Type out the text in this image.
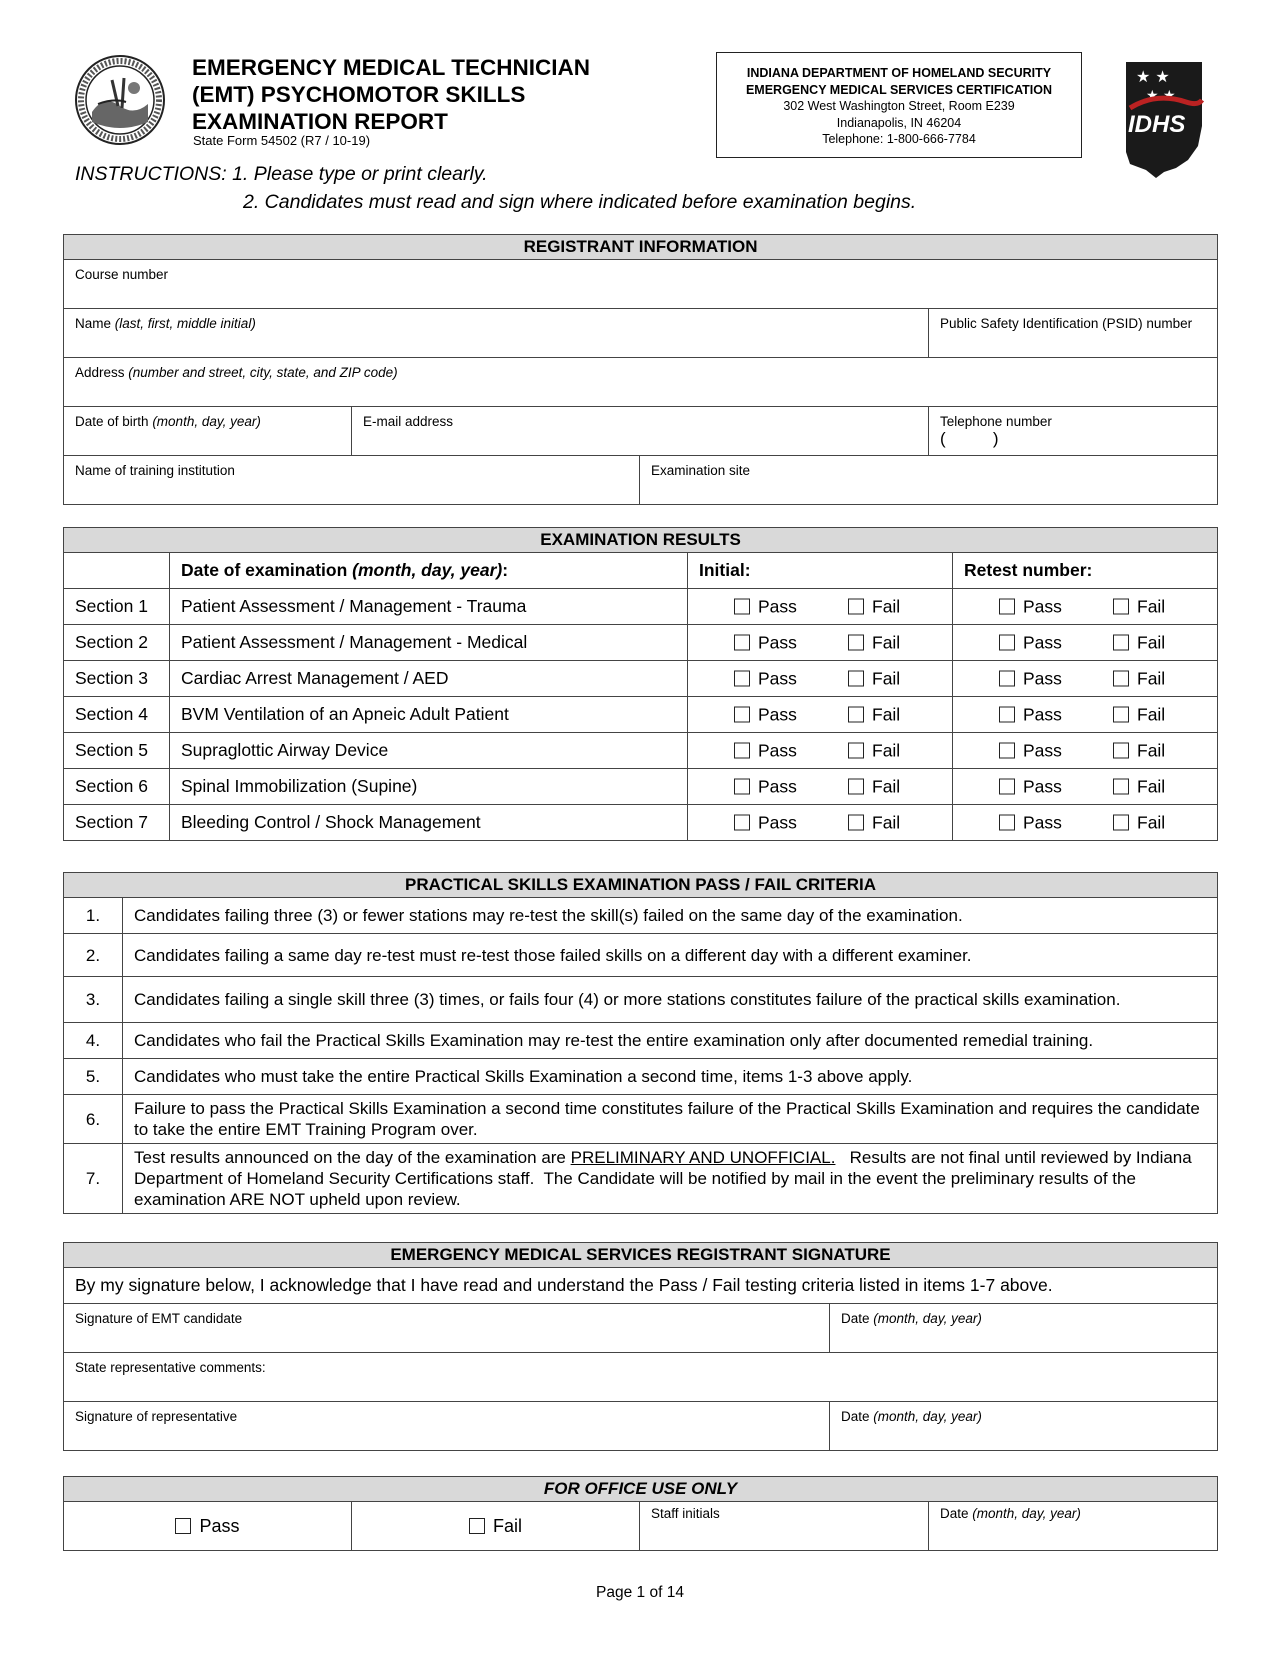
EMERGENCY MEDICAL TECHNICIAN
(EMT) PSYCHOMOTOR SKILLS
EXAMINATION REPORT
State Form 54502 (R7 / 10-19)
INDIANA DEPARTMENT OF HOMELAND SECURITY
EMERGENCY MEDICAL SERVICES CERTIFICATION
302 West Washington Street, Room E239
Indianapolis, IN 46204
Telephone: 1-800-666-7784
★ ★
★ ★
IDHS
INSTRUCTIONS: 1. Please type or print clearly.
2. Candidates must read and sign where indicated before examination begins.
REGISTRANT INFORMATION			
Course number			
Name (last, first, middle initial)			Public Safety Identification (PSID) number
Address (number and street, city, state, and ZIP code)			
Date of birth (month, day, year)	E-mail address		Telephone number
(          )

Name of training institution		Examination site	
EXAMINATION RESULTS			
	Date of examination (month, day, year):	Initial:	Retest number:
Section 1	Patient Assessment / Management - Trauma	Pass Fail	Pass Fail

Section 2	Patient Assessment / Management - Medical	Pass Fail	Pass Fail

Section 3	Cardiac Arrest Management / AED	Pass Fail	Pass Fail

Section 4	BVM Ventilation of an Apneic Adult Patient	Pass Fail	Pass Fail

Section 5	Supraglottic Airway Device	Pass Fail	Pass Fail

Section 6	Spinal Immobilization (Supine)	Pass Fail	Pass Fail

Section 7	Bleeding Control / Shock Management	Pass Fail	Pass Fail
PRACTICAL SKILLS EXAMINATION PASS / FAIL CRITERIA	
1.	Candidates failing three (3) or fewer stations may re-test the skill(s) failed on the same day of the examination.
2.	Candidates failing a same day re-test must re-test those failed skills on a different day with a different examiner.
3.	Candidates failing a single skill three (3) times, or fails four (4) or more stations constitutes failure of the practical skills examination.
4.	Candidates who fail the Practical Skills Examination may re-test the entire examination only after documented remedial training.
5.	Candidates who must take the entire Practical Skills Examination a second time, items 1-3 above apply.
6.	Failure to pass the Practical Skills Examination a second time constitutes failure of the Practical Skills Examination and requires the candidate to take the entire EMT Training Program over.
7.	Test results announced on the day of the examination are PRELIMINARY AND UNOFFICIAL.   Results are not final until reviewed by Indiana Department of Homeland Security Certifications staff.  The Candidate will be notified by mail in the event the preliminary results of the examination ARE NOT upheld upon review.
EMERGENCY MEDICAL SERVICES REGISTRANT SIGNATURE	
By my signature below, I acknowledge that I have read and understand the Pass / Fail testing criteria listed in items 1-7 above.	
Signature of EMT candidate	Date (month, day, year)
State representative comments:	
Signature of representative	Date (month, day, year)
FOR OFFICE USE ONLY
Pass	Fail	Staff initials	Date (month, day, year)
Page 1 of 14
